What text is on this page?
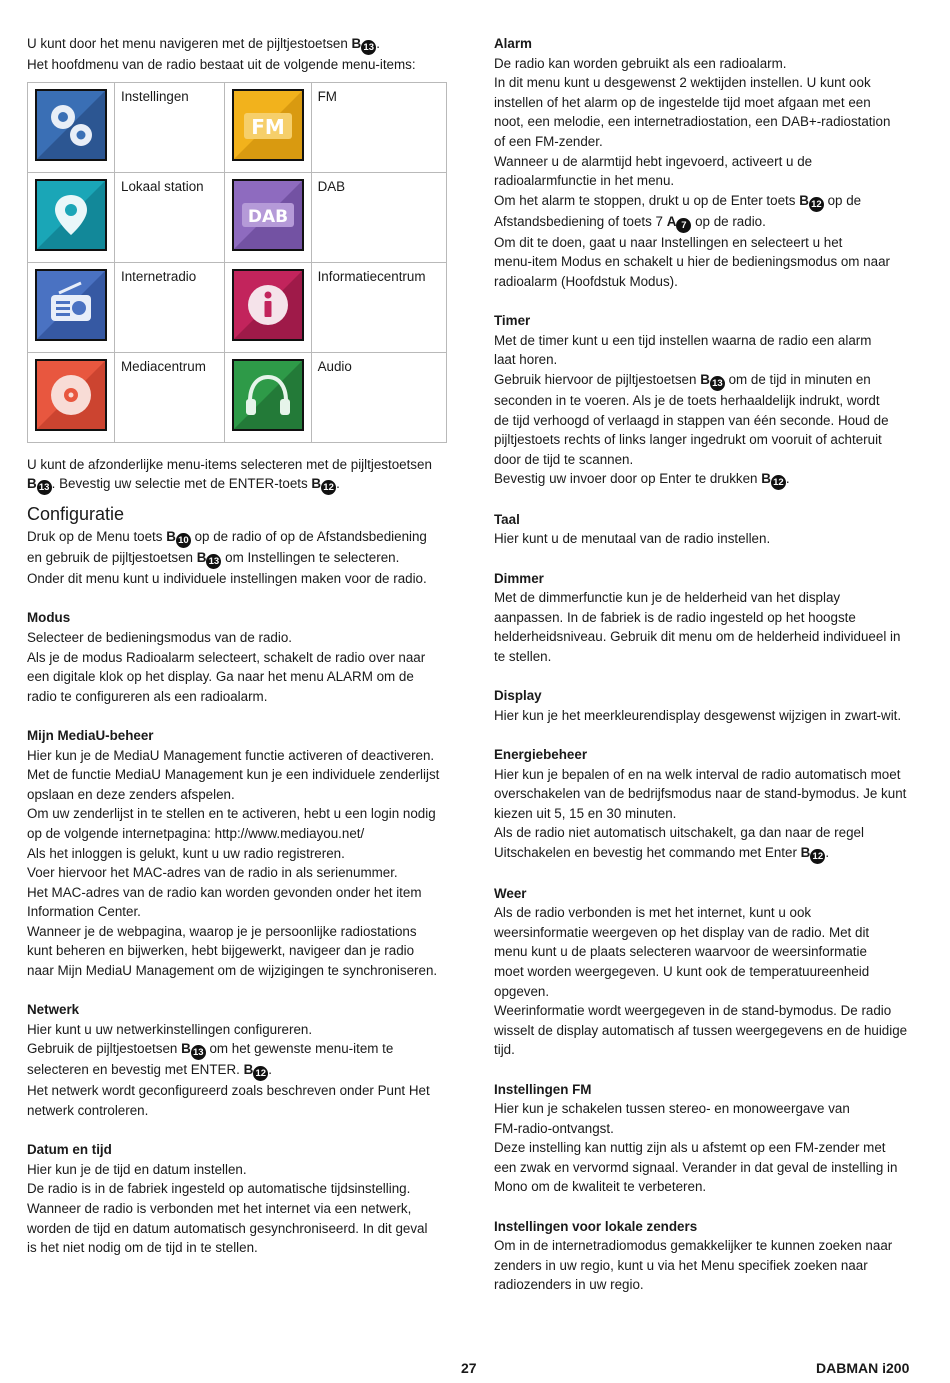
U kunt door het menu navigeren met de pijltjestoetsen B 13 .

Het hoofdmenu van de radio bestaat uit de volgende menu-items:

	Instellingen	FM	FM

	Lokaal station	DAB	DAB

	Internetradio		Informatiecentrum

	Mediacentrum		Audio

U kunt de afzonderlijke menu-items selecteren met de pijltjestoetsen

B 13 . Bevestig uw selectie met de ENTER-toets B 12 .

Configuratie

Druk op de Menu toets B 10 op de radio of op de Afstandsbediening

en gebruik de pijltjestoetsen B 13 om Instellingen te selecteren.

Onder dit menu kunt u individuele instellingen maken voor de radio.

Modus

Selecteer de bedieningsmodus van de radio.

Als je de modus Radioalarm selecteert, schakelt de radio over naar

een digitale klok op het display. Ga naar het menu ALARM om de

radio te configureren als een radioalarm.

Mijn MediaU-beheer

Hier kun je de MediaU Management functie activeren of deactiveren.

Met de functie MediaU Management kun je een individuele zenderlijst

opslaan en deze zenders afspelen.

Om uw zenderlijst in te stellen en te activeren, hebt u een login nodig

op de volgende internetpagina: http://www.mediayou.net/

Als het inloggen is gelukt, kunt u uw radio registreren.

Voer hiervoor het MAC-adres van de radio in als serienummer.

Het MAC-adres van de radio kan worden gevonden onder het item

Information Center.

Wanneer je de webpagina, waarop je je persoonlijke radiostations

kunt beheren en bijwerken, hebt bijgewerkt, navigeer dan je radio

naar Mijn MediaU Management om de wijzigingen te synchroniseren.

Netwerk

Hier kunt u uw netwerkinstellingen configureren.

Gebruik de pijltjestoetsen B 13 om het gewenste menu-item te

selecteren en bevestig met ENTER. B 12 .

Het netwerk wordt geconfigureerd zoals beschreven onder Punt Het

netwerk controleren.

Datum en tijd

Hier kun je de tijd en datum instellen.

De radio is in de fabriek ingesteld op automatische tijdsinstelling.

Wanneer de radio is verbonden met het internet via een netwerk,

worden de tijd en datum automatisch gesynchroniseerd. In dit geval

is het niet nodig om de tijd in te stellen.

Alarm

De radio kan worden gebruikt als een radioalarm.

In dit menu kunt u desgewenst 2 wektijden instellen. U kunt ook

instellen of het alarm op de ingestelde tijd moet afgaan met een

noot, een melodie, een internetradiostation, een DAB+-radiostation

of een FM-zender.

Wanneer u de alarmtijd hebt ingevoerd, activeert u de

radioalarmfunctie in het menu.

Om het alarm te stoppen, drukt u op de Enter toets B 12 op de

Afstandsbediening of toets 7 A 7 op de radio.

Om dit te doen, gaat u naar Instellingen en selecteert u het

menu-item Modus en schakelt u hier de bedieningsmodus om naar

radioalarm (Hoofdstuk Modus).

Timer

Met de timer kunt u een tijd instellen waarna de radio een alarm

laat horen.

Gebruik hiervoor de pijltjestoetsen B 13 om de tijd in minuten en

seconden in te voeren. Als je de toets herhaaldelijk indrukt, wordt

de tijd verhoogd of verlaagd in stappen van één seconde. Houd de

pijltjestoets rechts of links langer ingedrukt om vooruit of achteruit

door de tijd te scannen.

Bevestig uw invoer door op Enter te drukken B 12 .

Taal

Hier kunt u de menutaal van de radio instellen.

Dimmer

Met de dimmerfunctie kun je de helderheid van het display

aanpassen. In de fabriek is de radio ingesteld op het hoogste

helderheidsniveau. Gebruik dit menu om de helderheid individueel in

te stellen.

Display

Hier kun je het meerkleurendisplay desgewenst wijzigen in zwart-wit.

Energiebeheer

Hier kun je bepalen of en na welk interval de radio automatisch moet

overschakelen van de bedrijfsmodus naar de stand-bymodus. Je kunt

kiezen uit 5, 15 en 30 minuten.

Als de radio niet automatisch uitschakelt, ga dan naar de regel

Uitschakelen en bevestig het commando met Enter B 12 .

Weer

Als de radio verbonden is met het internet, kunt u ook

weersinformatie weergeven op het display van de radio. Met dit

menu kunt u de plaats selecteren waarvoor de weersinformatie

moet worden weergegeven. U kunt ook de temperatuureenheid

opgeven.

Weerinformatie wordt weergegeven in de stand-bymodus. De radio

wisselt de display automatisch af tussen weergegevens en de huidige

tijd.

Instellingen FM

Hier kun je schakelen tussen stereo- en monoweergave van

FM-radio-ontvangst.

Deze instelling kan nuttig zijn als u afstemt op een FM-zender met

een zwak en vervormd signaal. Verander in dat geval de instelling in

Mono om de kwaliteit te verbeteren.

Instellingen voor lokale zenders

Om in de internetradiomodus gemakkelijker te kunnen zoeken naar

zenders in uw regio, kunt u via het Menu specifiek zoeken naar

radiozenders in uw regio.

27	DABMAN i200
